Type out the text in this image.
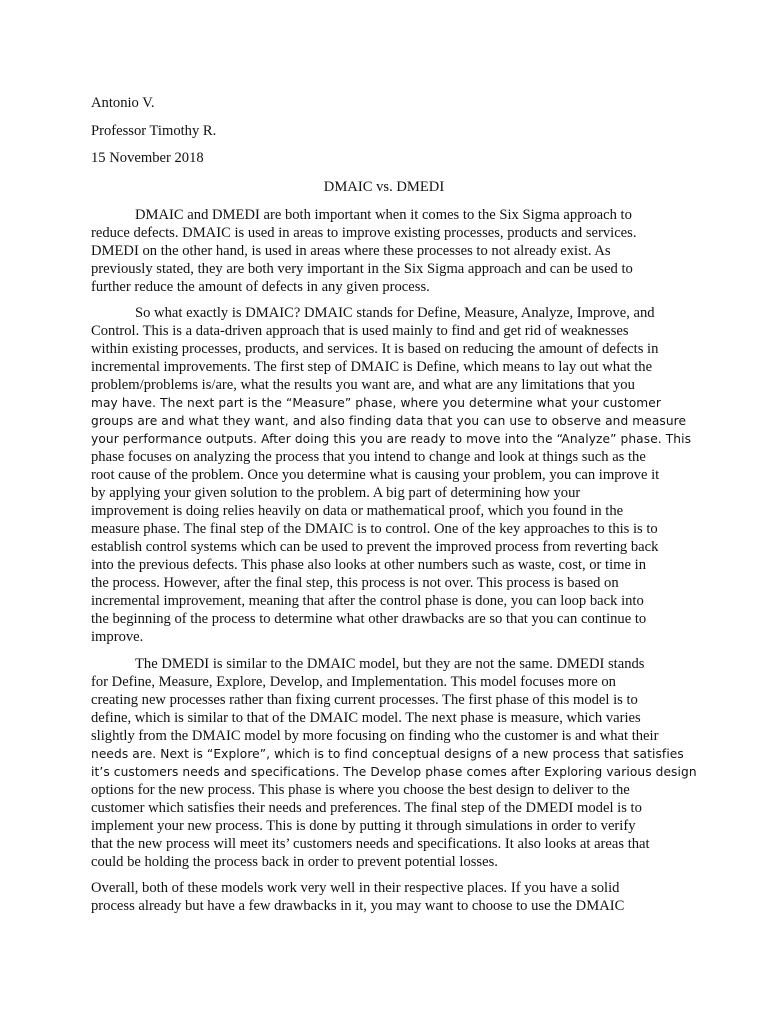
Antonio V.
Professor Timothy R.
15 November 2018
DMAIC vs. DMEDI
DMAIC and DMEDI are both important when it comes to the Six Sigma approach to
reduce defects. DMAIC is used in areas to improve existing processes, products and services.
DMEDI on the other hand, is used in areas where these processes to not already exist. As
previously stated, they are both very important in the Six Sigma approach and can be used to
further reduce the amount of defects in any given process.
So what exactly is DMAIC? DMAIC stands for Define, Measure, Analyze, Improve, and
Control. This is a data-driven approach that is used mainly to find and get rid of weaknesses
within existing processes, products, and services. It is based on reducing the amount of defects in
incremental improvements. The first step of DMAIC is Define, which means to lay out what the
problem/problems is/are, what the results you want are, and what are any limitations that you
may have. The next part is the “Measure” phase, where you determine what your customer
groups are and what they want, and also finding data that you can use to observe and measure
your performance outputs. After doing this you are ready to move into the “Analyze” phase. This
phase focuses on analyzing the process that you intend to change and look at things such as the
root cause of the problem. Once you determine what is causing your problem, you can improve it
by applying your given solution to the problem. A big part of determining how your
improvement is doing relies heavily on data or mathematical proof, which you found in the
measure phase. The final step of the DMAIC is to control. One of the key approaches to this is to
establish control systems which can be used to prevent the improved process from reverting back
into the previous defects. This phase also looks at other numbers such as waste, cost, or time in
the process. However, after the final step, this process is not over. This process is based on
incremental improvement, meaning that after the control phase is done, you can loop back into
the beginning of the process to determine what other drawbacks are so that you can continue to
improve.
The DMEDI is similar to the DMAIC model, but they are not the same. DMEDI stands
for Define, Measure, Explore, Develop, and Implementation. This model focuses more on
creating new processes rather than fixing current processes. The first phase of this model is to
define, which is similar to that of the DMAIC model. The next phase is measure, which varies
slightly from the DMAIC model by more focusing on finding who the customer is and what their
needs are. Next is “Explore”, which is to find conceptual designs of a new process that satisfies
it’s customers needs and specifications. The Develop phase comes after Exploring various design
options for the new process. This phase is where you choose the best design to deliver to the
customer which satisfies their needs and preferences. The final step of the DMEDI model is to
implement your new process. This is done by putting it through simulations in order to verify
that the new process will meet its’ customers needs and specifications. It also looks at areas that
could be holding the process back in order to prevent potential losses.
Overall, both of these models work very well in their respective places. If you have a solid
process already but have a few drawbacks in it, you may want to choose to use the DMAIC
